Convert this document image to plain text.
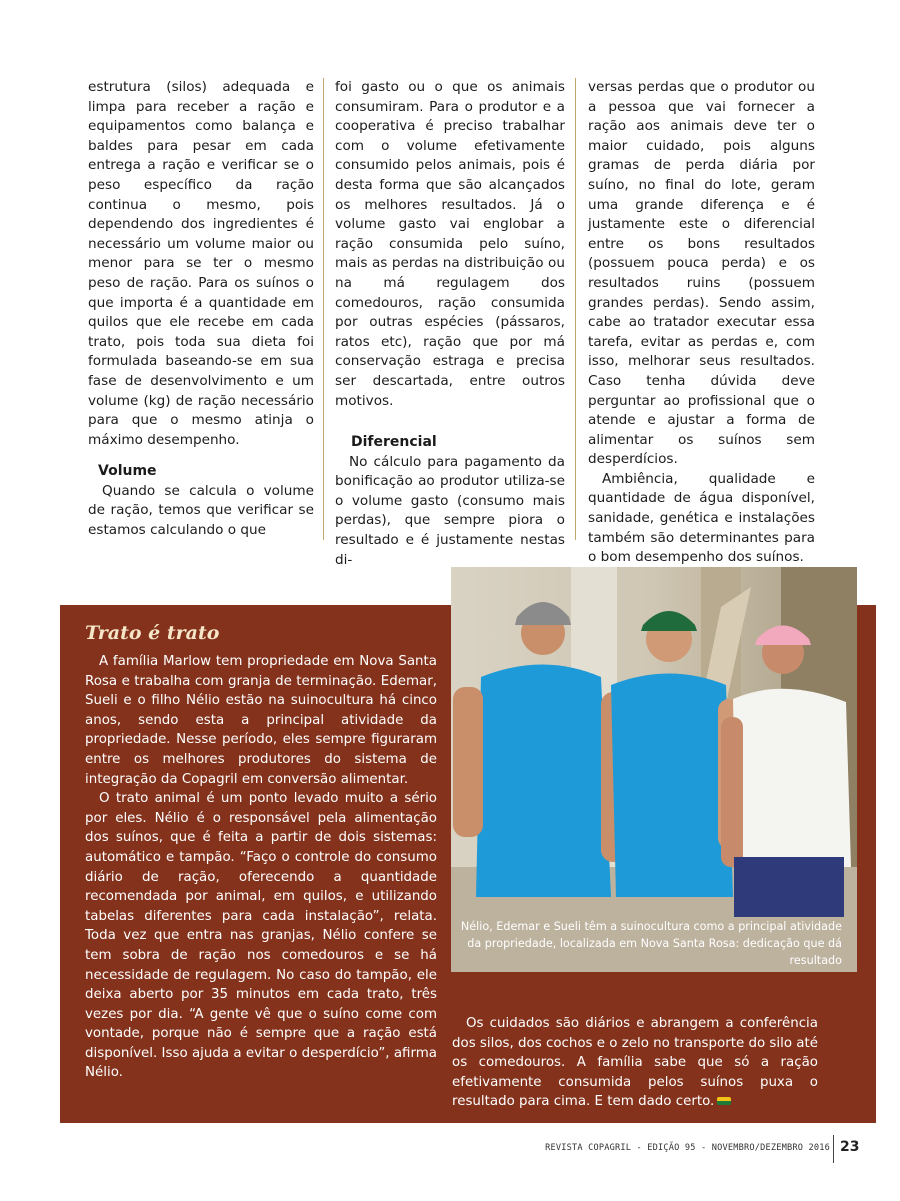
estrutura (silos) adequada e limpa para receber a ração e equipamentos como balança e baldes para pesar em cada entrega a ração e verificar se o peso específico da ração continua o mesmo, pois dependendo dos ingredientes é necessário um volume maior ou menor para se ter o mesmo peso de ração. Para os suínos o que importa é a quantidade em quilos que ele recebe em cada trato, pois toda sua dieta foi formulada baseando-se em sua fase de desenvolvimento e um volume (kg) de ração necessário para que o mesmo atinja o máximo desempenho.

Volume

Quando se calcula o volume de ração, temos que verificar se estamos calculando o que

foi gasto ou o que os animais consumiram. Para o produtor e a cooperativa é preciso trabalhar com o volume efetivamente consumido pelos animais, pois é desta forma que são alcançados os melhores resultados. Já o volume gasto vai englobar a ração consumida pelo suíno, mais as perdas na distribuição ou na má regulagem dos comedouros, ração consumida por outras espécies (pássaros, ratos etc), ração que por má conservação estraga e precisa ser descartada, entre outros motivos.

Diferencial

No cálculo para pagamento da bonificação ao produtor utiliza-se o volume gasto (consumo mais perdas), que sempre piora o resultado e é justamente nestas di-

versas perdas que o produtor ou a pessoa que vai fornecer a ração aos animais deve ter o maior cuidado, pois alguns gramas de perda diária por suíno, no final do lote, geram uma grande diferença e é justamente este o diferencial entre os bons resultados (possuem pouca perda) e os resultados ruins (possuem grandes perdas). Sendo assim, cabe ao tratador executar essa tarefa, evitar as perdas e, com isso, melhorar seus resultados. Caso tenha dúvida deve perguntar ao profissional que o atende e ajustar a forma de alimentar os suínos sem desperdícios.

Ambiência, qualidade e quantidade de água disponível, sanidade, genética e instalações também são determinantes para o bom desempenho dos suínos.

Nélio, Edemar e Sueli têm a suinocultura como a principal atividade da propriedade, localizada em Nova Santa Rosa: dedicação que dá resultado
Trato é trato

A família Marlow tem propriedade em Nova Santa Rosa e trabalha com granja de terminação. Edemar, Sueli e o filho Nélio estão na suinocultura há cinco anos, sendo esta a principal atividade da propriedade. Nesse período, eles sempre figuraram entre os melhores produtores do sistema de integração da Copagril em conversão alimentar.

O trato animal é um ponto levado muito a sério por eles. Nélio é o responsável pela alimentação dos suínos, que é feita a partir de dois sistemas: automático e tampão. “Faço o controle do consumo diário de ração, oferecendo a quantidade recomendada por animal, em quilos, e utilizando tabelas diferentes para cada instalação”, relata. Toda vez que entra nas granjas, Nélio confere se tem sobra de ração nos comedouros e se há necessidade de regulagem. No caso do tampão, ele deixa aberto por 35 minutos em cada trato, três vezes por dia. “A gente vê que o suíno come com vontade, porque não é sempre que a ração está disponível. Isso ajuda a evitar o desperdício”, afirma Nélio.

Os cuidados são diários e abrangem a conferência dos silos, dos cochos e o zelo no transporte do silo até os comedouros. A família sabe que só a ração efetivamente consumida pelos suínos puxa o resultado para cima. E tem dado certo.

REVISTA COPAGRIL - EDIÇÃO 95 - NOVEMBRO/DEZEMBRO 2016 23
